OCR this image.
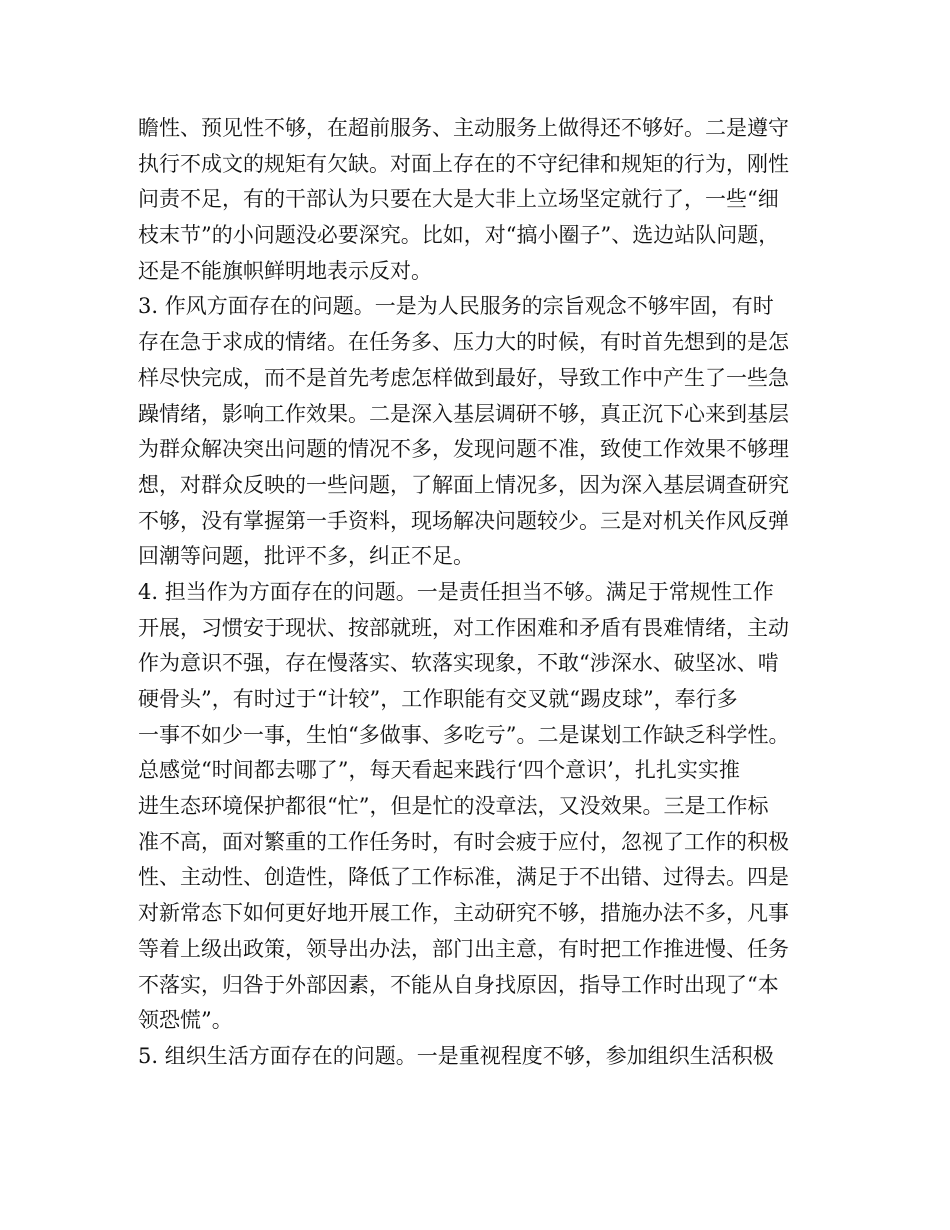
瞻性、预见性不够，在超前服务、主动服务上做得还不够好。二是遵守
执行不成文的规矩有欠缺。对面上存在的不守纪律和规矩的行为，刚性
问责不足，有的干部认为只要在大是大非上立场坚定就行了，一些“细
枝末节”的小问题没必要深究。比如，对“搞小圈子”、选边站队问题，
还是不能旗帜鲜明地表示反对。
3. 作风方面存在的问题。一是为人民服务的宗旨观念不够牢固，有时
存在急于求成的情绪。在任务多、压力大的时候，有时首先想到的是怎
样尽快完成，而不是首先考虑怎样做到最好，导致工作中产生了一些急
躁情绪，影响工作效果。二是深入基层调研不够，真正沉下心来到基层
为群众解决突出问题的情况不多，发现问题不准，致使工作效果不够理
想，对群众反映的一些问题，了解面上情况多，因为深入基层调查研究
不够，没有掌握第一手资料，现场解决问题较少。三是对机关作风反弹
回潮等问题，批评不多，纠正不足。
4. 担当作为方面存在的问题。一是责任担当不够。满足于常规性工作
开展，习惯安于现状、按部就班，对工作困难和矛盾有畏难情绪，主动
作为意识不强，存在慢落实、软落实现象，不敢“涉深水、破坚冰、啃
硬骨头”，有时过于“计较”，工作职能有交叉就“踢皮球”，奉行多
一事不如少一事，生怕“多做事、多吃亏”。二是谋划工作缺乏科学性。
总感觉“时间都去哪了”，每天看起来践行‘四个意识’，扎扎实实推
进生态环境保护都很“忙”，但是忙的没章法，又没效果。三是工作标
准不高，面对繁重的工作任务时，有时会疲于应付，忽视了工作的积极
性、主动性、创造性，降低了工作标准，满足于不出错、过得去。四是
对新常态下如何更好地开展工作，主动研究不够，措施办法不多，凡事
等着上级出政策，领导出办法，部门出主意，有时把工作推进慢、任务
不落实，归咎于外部因素，不能从自身找原因，指导工作时出现了“本
领恐慌”。
5. 组织生活方面存在的问题。一是重视程度不够，参加组织生活积极
